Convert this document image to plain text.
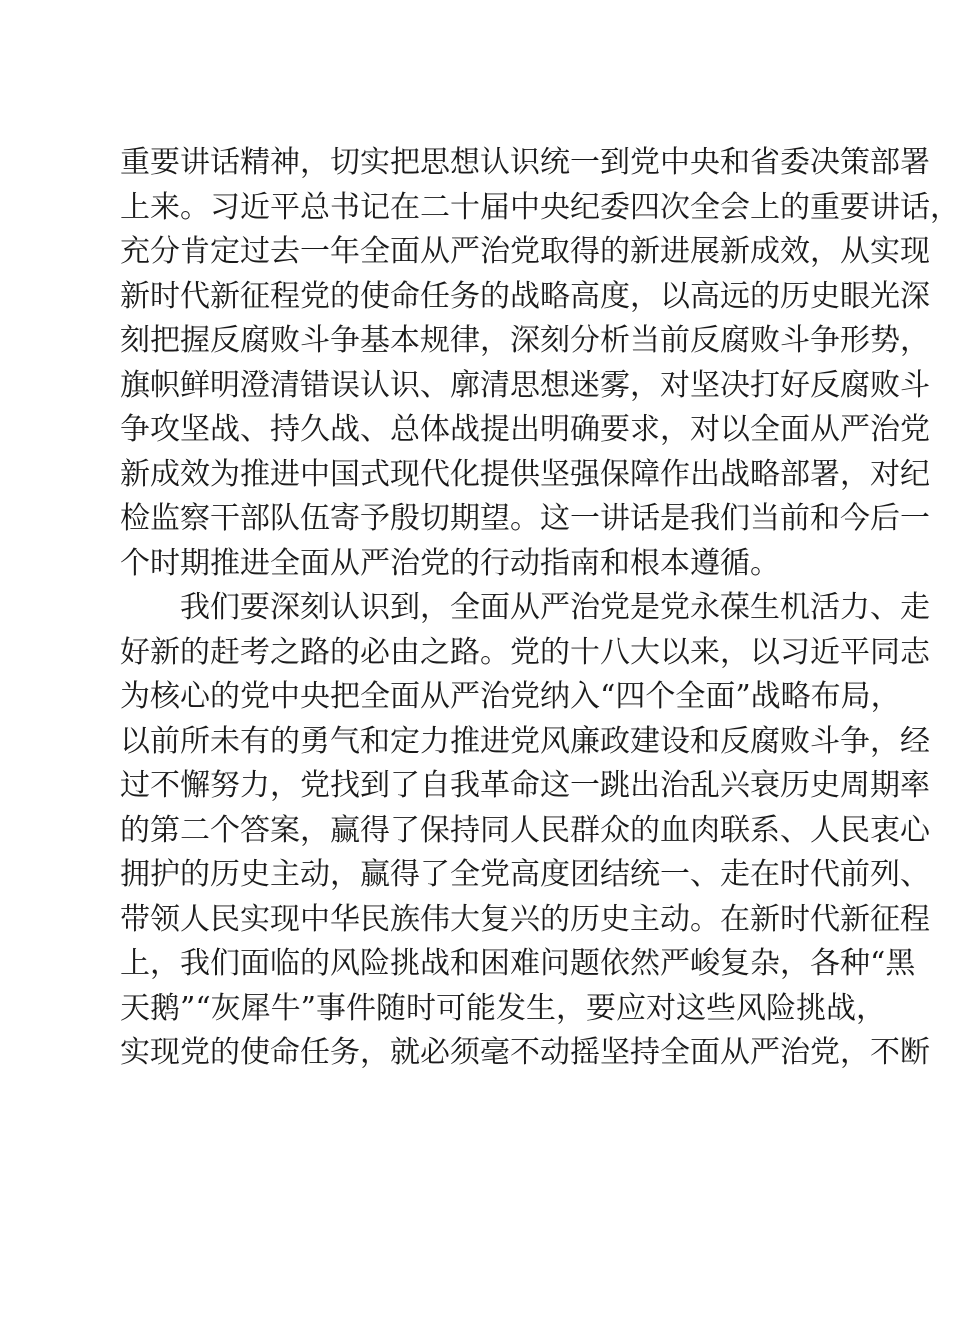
重要讲话精神，切实把思想认识统一到党中央和省委决策部署
上来。习近平总书记在二十届中央纪委四次全会上的重要讲话，
充分肯定过去一年全面从严治党取得的新进展新成效，从实现
新时代新征程党的使命任务的战略高度，以高远的历史眼光深
刻把握反腐败斗争基本规律，深刻分析当前反腐败斗争形势，
旗帜鲜明澄清错误认识、廓清思想迷雾，对坚决打好反腐败斗
争攻坚战、持久战、总体战提出明确要求，对以全面从严治党
新成效为推进中国式现代化提供坚强保障作出战略部署，对纪
检监察干部队伍寄予殷切期望。这一讲话是我们当前和今后一
个时期推进全面从严治党的行动指南和根本遵循。
我们要深刻认识到，全面从严治党是党永葆生机活力、走
好新的赶考之路的必由之路。党的十八大以来，以习近平同志
为核心的党中央把全面从严治党纳入“四个全面”战略布局，
以前所未有的勇气和定力推进党风廉政建设和反腐败斗争，经
过不懈努力，党找到了自我革命这一跳出治乱兴衰历史周期率
的第二个答案，赢得了保持同人民群众的血肉联系、人民衷心
拥护的历史主动，赢得了全党高度团结统一、走在时代前列、
带领人民实现中华民族伟大复兴的历史主动。在新时代新征程
上，我们面临的风险挑战和困难问题依然严峻复杂，各种“黑
天鹅”“灰犀牛”事件随时可能发生，要应对这些风险挑战，
实现党的使命任务，就必须毫不动摇坚持全面从严治党，不断
